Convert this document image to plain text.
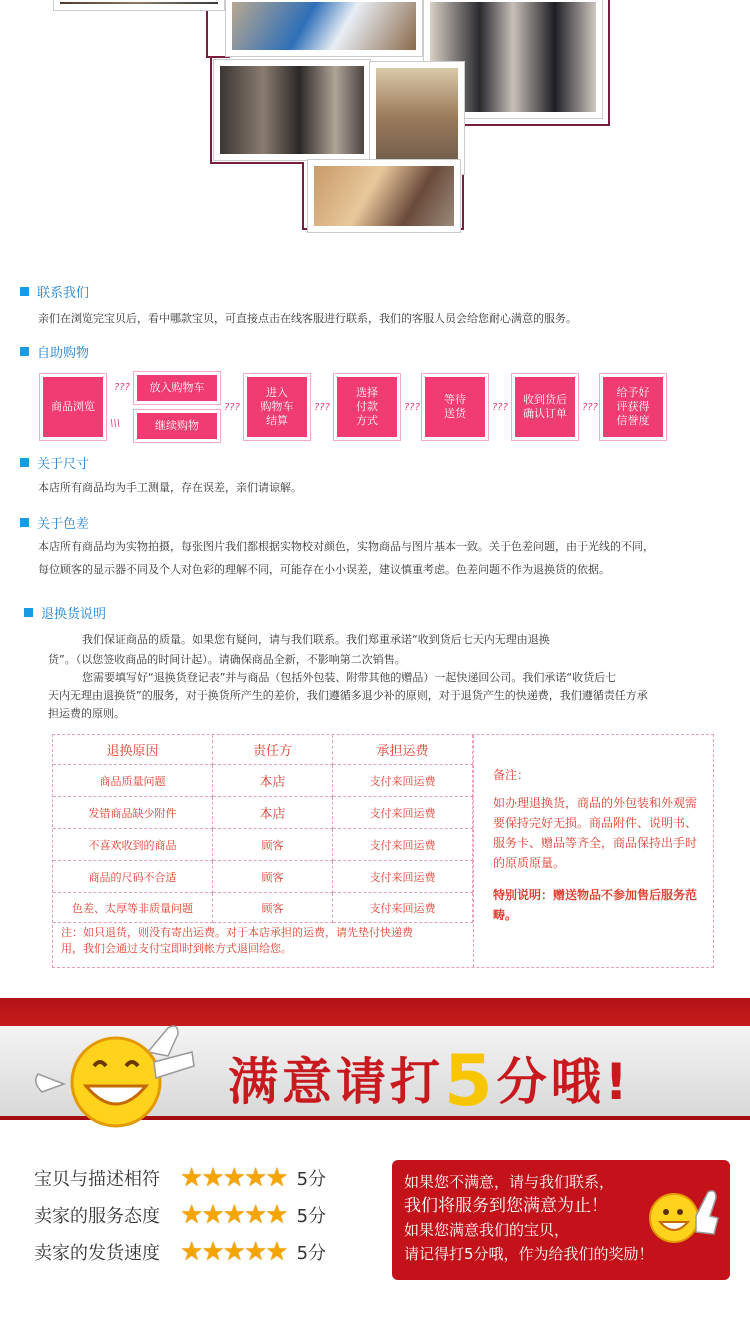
联系我们
亲们在浏览完宝贝后，看中哪款宝贝，可直接点击在线客服进行联系，我们的客服人员会给您耐心满意的服务。
自助购物
商品浏览
???	放入购物车
\\\	继续购物
???
进入
购物车
结算
???
选择
付款
方式
???
等待
送货	???
收到货后
确认订单	???
给予好
评获得
信誉度
关于尺寸
本店所有商品均为手工测量，存在误差，亲们请谅解。
关于色差
本店所有商品均为实物拍摄，每张图片我们都根据实物校对颜色，实物商品与图片基本一致。关于色差问题，由于光线的不同，
每位顾客的显示器不同及个人对色彩的理解不同，可能存在小小误差，建议慎重考虑。色差问题不作为退换货的依据。
退换货说明
我们保证商品的质量。如果您有疑问，请与我们联系。我们郑重承诺“收到货后七天内无理由退换
货”。（以您签收商品的时间计起）。请确保商品全新，不影响第二次销售。
您需要填写好“退换货登记表”并与商品（包括外包装、附带其他的赠品）一起快递回公司。我们承诺“收货后七
天内无理由退换货”的服务，对于换货所产生的差价，我们遵循多退少补的原则，对于退货产生的快递费，我们遵循责任方承
担运费的原则。
退换原因	责任方	承担运费
商品质量问题	本店	支付来回运费
发错商品缺少附件	本店	支付来回运费
不喜欢收到的商品	顾客	支付来回运费
商品的尺码不合适	顾客	支付来回运费
色差、太厚等非质量问题	顾客	支付来回运费
注：如只退货，则没有寄出运费。对于本店承担的运费，请先垫付快递费
用，我们会通过支付宝即时到帐方式退回给您。
备注：
如办理退换货，商品的外包装和外观需要保持完好无损。商品附件、说明书、服务卡、赠品等齐全，商品保持出手时的原质原量。
特别说明：赠送物品不参加售后服务范畴。
满意请打5分哦!
宝贝与描述相符 ★★★★★ 5分
卖家的服务态度 ★★★★★ 5分
卖家的发货速度 ★★★★★ 5分
如果您不满意，请与我们联系，
我们将服务到您满意为止！
如果您满意我们的宝贝，
请记得打5分哦，作为给我们的奖励！
